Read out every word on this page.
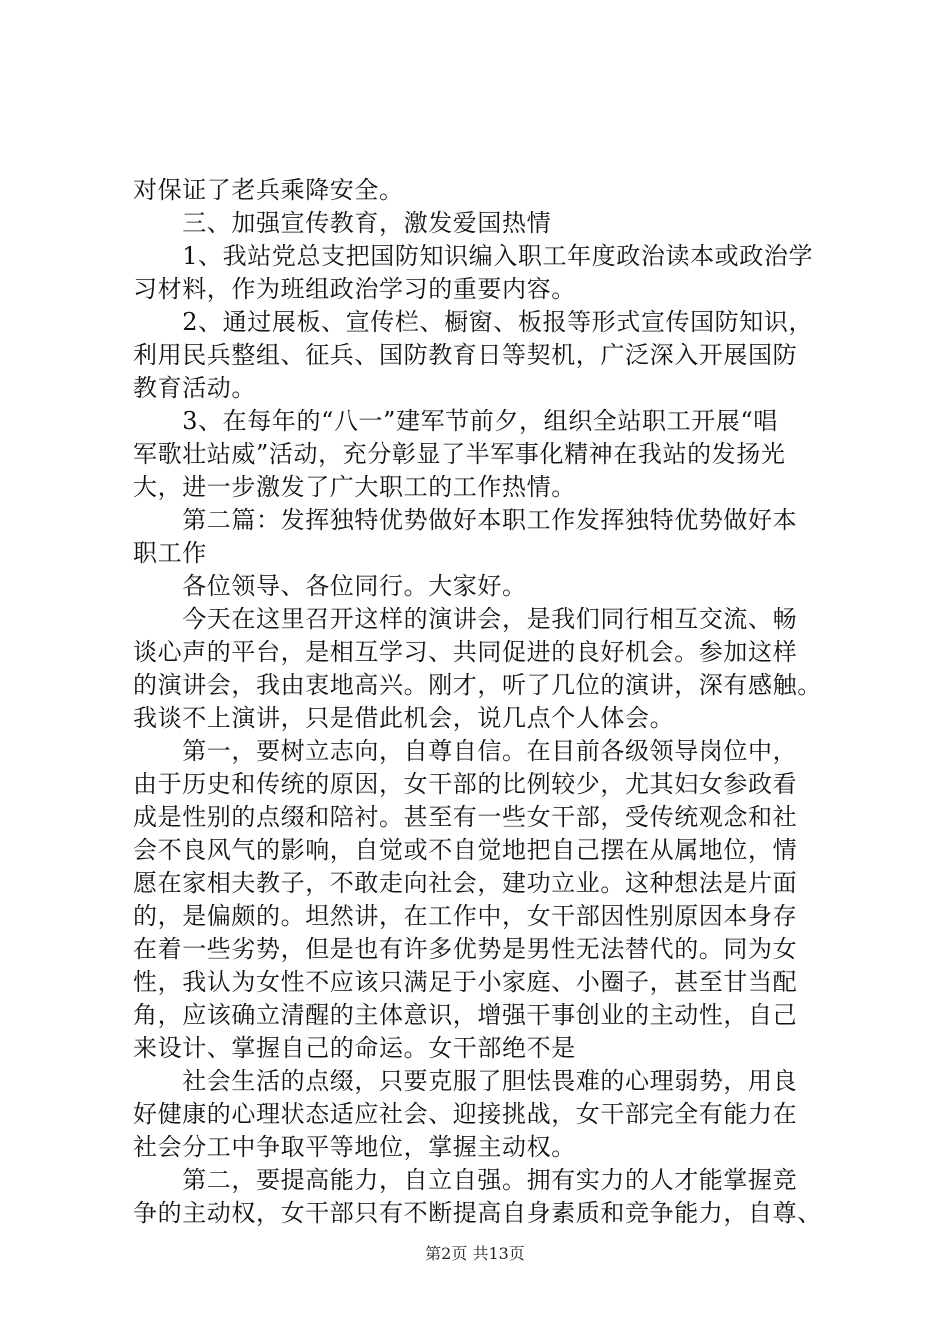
对保证了老兵乘降安全。
　　三、加强宣传教育，激发爱国热情
　　1、我站党总支把国防知识编入职工年度政治读本或政治学
习材料，作为班组政治学习的重要内容。
　　2、通过展板、宣传栏、橱窗、板报等形式宣传国防知识，
利用民兵整组、征兵、国防教育日等契机，广泛深入开展国防
教育活动。
　　3、在每年的“八一”建军节前夕，组织全站职工开展“唱
军歌壮站威”活动，充分彰显了半军事化精神在我站的发扬光
大，进一步激发了广大职工的工作热情。
　　第二篇：发挥独特优势做好本职工作发挥独特优势做好本
职工作
　　各位领导、各位同行。大家好。
　　今天在这里召开这样的演讲会，是我们同行相互交流、畅
谈心声的平台，是相互学习、共同促进的良好机会。参加这样
的演讲会，我由衷地高兴。刚才，听了几位的演讲，深有感触。
我谈不上演讲，只是借此机会，说几点个人体会。
　　第一，要树立志向，自尊自信。在目前各级领导岗位中，
由于历史和传统的原因，女干部的比例较少，尤其妇女参政看
成是性别的点缀和陪衬。甚至有一些女干部，受传统观念和社
会不良风气的影响，自觉或不自觉地把自己摆在从属地位，情
愿在家相夫教子，不敢走向社会，建功立业。这种想法是片面
的，是偏颇的。坦然讲，在工作中，女干部因性别原因本身存
在着一些劣势，但是也有许多优势是男性无法替代的。同为女
性，我认为女性不应该只满足于小家庭、小圈子，甚至甘当配
角，应该确立清醒的主体意识，增强干事创业的主动性，自己
来设计、掌握自己的命运。女干部绝不是
　　社会生活的点缀，只要克服了胆怯畏难的心理弱势，用良
好健康的心理状态适应社会、迎接挑战，女干部完全有能力在
社会分工中争取平等地位，掌握主动权。
　　第二，要提高能力，自立自强。拥有实力的人才能掌握竞
争的主动权，女干部只有不断提高自身素质和竞争能力，自尊、
第2页 共13页
